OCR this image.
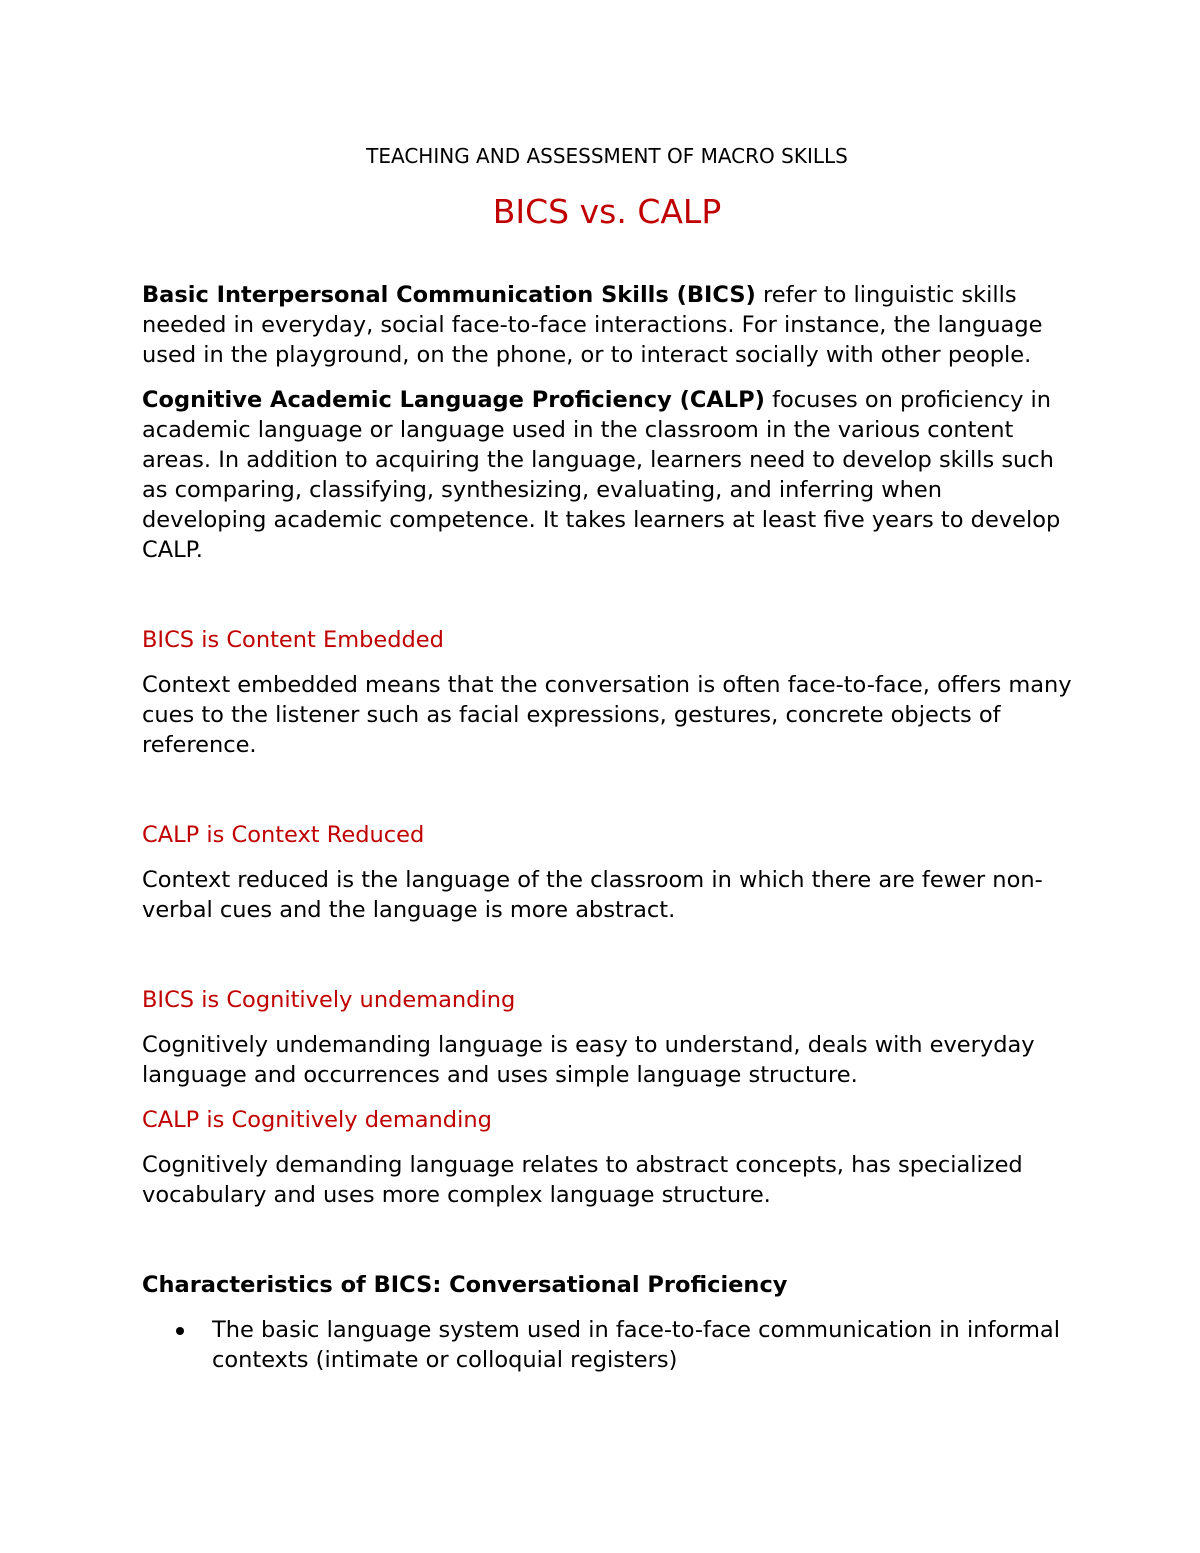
TEACHING AND ASSESSMENT OF MACRO SKILLS
BICS vs. CALP

Basic Interpersonal Communication Skills (BICS) refer to linguistic skills needed in everyday, social face-to-face interactions. For instance, the language used in the playground, on the phone, or to interact socially with other people.

Cognitive Academic Language Proficiency (CALP) focuses on proficiency in academic language or language used in the classroom in the various content areas. In addition to acquiring the language, learners need to develop skills such as comparing, classifying, synthesizing, evaluating, and inferring when developing academic competence. It takes learners at least five years to develop CALP.

BICS is Content Embedded

Context embedded means that the conversation is often face-to-face, offers many cues to the listener such as facial expressions, gestures, concrete objects of reference.

CALP is Context Reduced

Context reduced is the language of the classroom in which there are fewer non-verbal cues and the language is more abstract.

BICS is Cognitively undemanding

Cognitively undemanding language is easy to understand, deals with everyday language and occurrences and uses simple language structure.

CALP is Cognitively demanding

Cognitively demanding language relates to abstract concepts, has specialized vocabulary and uses more complex language structure.

Characteristics of BICS: Conversational Proficiency

The basic language system used in face-to-face communication in informal contexts (intimate or colloquial registers)
